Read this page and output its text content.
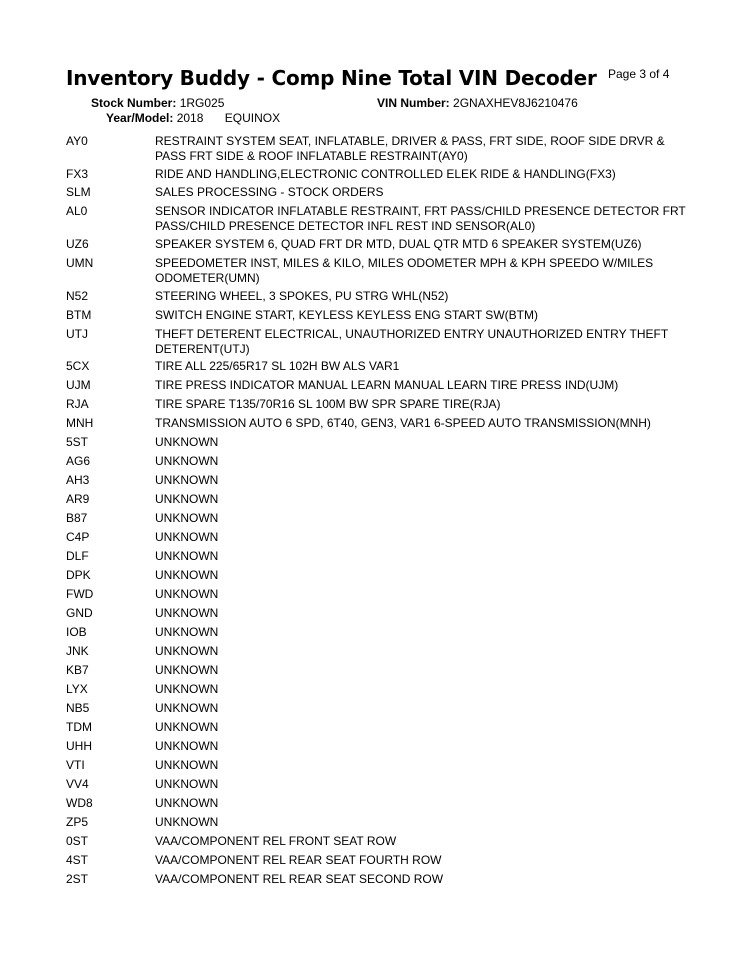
Inventory Buddy - Comp Nine Total VIN Decoder Page 3 of 4
Stock Number: 1RG025	VIN Number: 2GNAXHEV8J6210476
Year/Model: 2018 EQUINOX
AY0	RESTRAINT SYSTEM SEAT, INFLATABLE, DRIVER & PASS, FRT SIDE, ROOF SIDE DRVR & PASS FRT SIDE & ROOF INFLATABLE RESTRAINT(AY0)
FX3	RIDE AND HANDLING,ELECTRONIC CONTROLLED ELEK RIDE & HANDLING(FX3)
SLM	SALES PROCESSING - STOCK ORDERS
AL0	SENSOR INDICATOR INFLATABLE RESTRAINT, FRT PASS/CHILD PRESENCE DETECTOR FRT PASS/CHILD PRESENCE DETECTOR INFL REST IND SENSOR(AL0)
UZ6	SPEAKER SYSTEM 6, QUAD FRT DR MTD, DUAL QTR MTD 6 SPEAKER SYSTEM(UZ6)
UMN	SPEEDOMETER INST, MILES & KILO, MILES ODOMETER MPH & KPH SPEEDO W/MILES ODOMETER(UMN)
N52	STEERING WHEEL, 3 SPOKES, PU STRG WHL(N52)
BTM	SWITCH ENGINE START, KEYLESS KEYLESS ENG START SW(BTM)
UTJ	THEFT DETERENT ELECTRICAL, UNAUTHORIZED ENTRY UNAUTHORIZED ENTRY THEFT DETERENT(UTJ)
5CX	TIRE ALL 225/65R17 SL 102H BW ALS VAR1
UJM	TIRE PRESS INDICATOR MANUAL LEARN MANUAL LEARN TIRE PRESS IND(UJM)
RJA	TIRE SPARE T135/70R16 SL 100M BW SPR SPARE TIRE(RJA)
MNH	TRANSMISSION AUTO 6 SPD, 6T40, GEN3, VAR1 6-SPEED AUTO TRANSMISSION(MNH)
5ST	UNKNOWN
AG6	UNKNOWN
AH3	UNKNOWN
AR9	UNKNOWN
B87	UNKNOWN
C4P	UNKNOWN
DLF	UNKNOWN
DPK	UNKNOWN
FWD	UNKNOWN
GND	UNKNOWN
IOB	UNKNOWN
JNK	UNKNOWN
KB7	UNKNOWN
LYX	UNKNOWN
NB5	UNKNOWN
TDM	UNKNOWN
UHH	UNKNOWN
VTI	UNKNOWN
VV4	UNKNOWN
WD8	UNKNOWN
ZP5	UNKNOWN
0ST	VAA/COMPONENT REL FRONT SEAT ROW
4ST	VAA/COMPONENT REL REAR SEAT FOURTH ROW
2ST	VAA/COMPONENT REL REAR SEAT SECOND ROW
